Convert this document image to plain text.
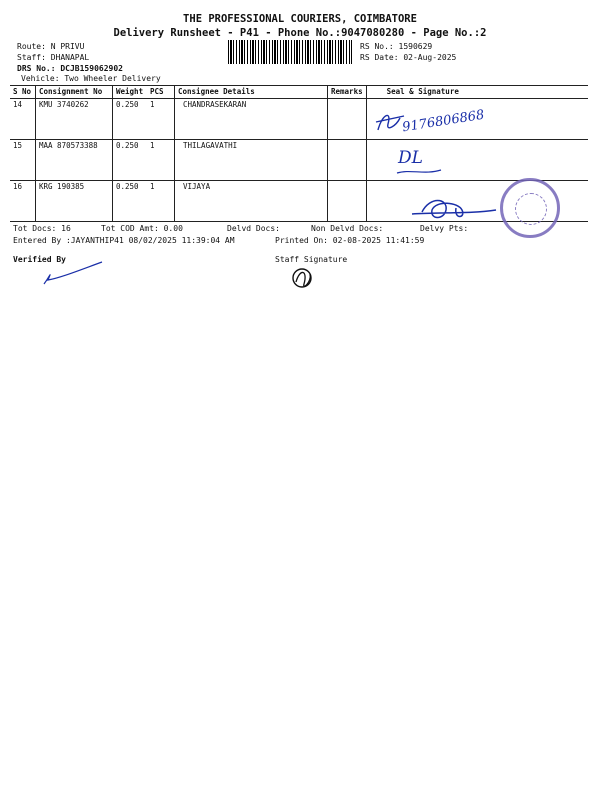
THE PROFESSIONAL COURIERS, COIMBATORE
Delivery Runsheet - P41 - Phone No.:9047080280 - Page No.:2
Route: N PRIVU
Staff: DHANAPAL
DRS No.: DCJB159062902
Vehicle: Two Wheeler Delivery
RS No.: 1590629
RS Date: 02-Aug-2025
S No	Consignment No	Weight	PCS	Consignee Details	Remarks	Seal & Signature
14	KMU 3740262	0.250	1	CHANDRASEKARAN		
15	MAA 870573388	0.250	1	THILAGAVATHI		
16	KRG 190385	0.250	1	VIJAYA		
9176806868
DL
Tot Docs: 16	Tot COD Amt: 0.00	Delvd Docs:	Non Delvd Docs:	Delvy Pts:
Entered By :JAYANTHIP41 08/02/2025 11:39:04 AM	Printed On: 02-08-2025 11:41:59
Verified By	Staff Signature
